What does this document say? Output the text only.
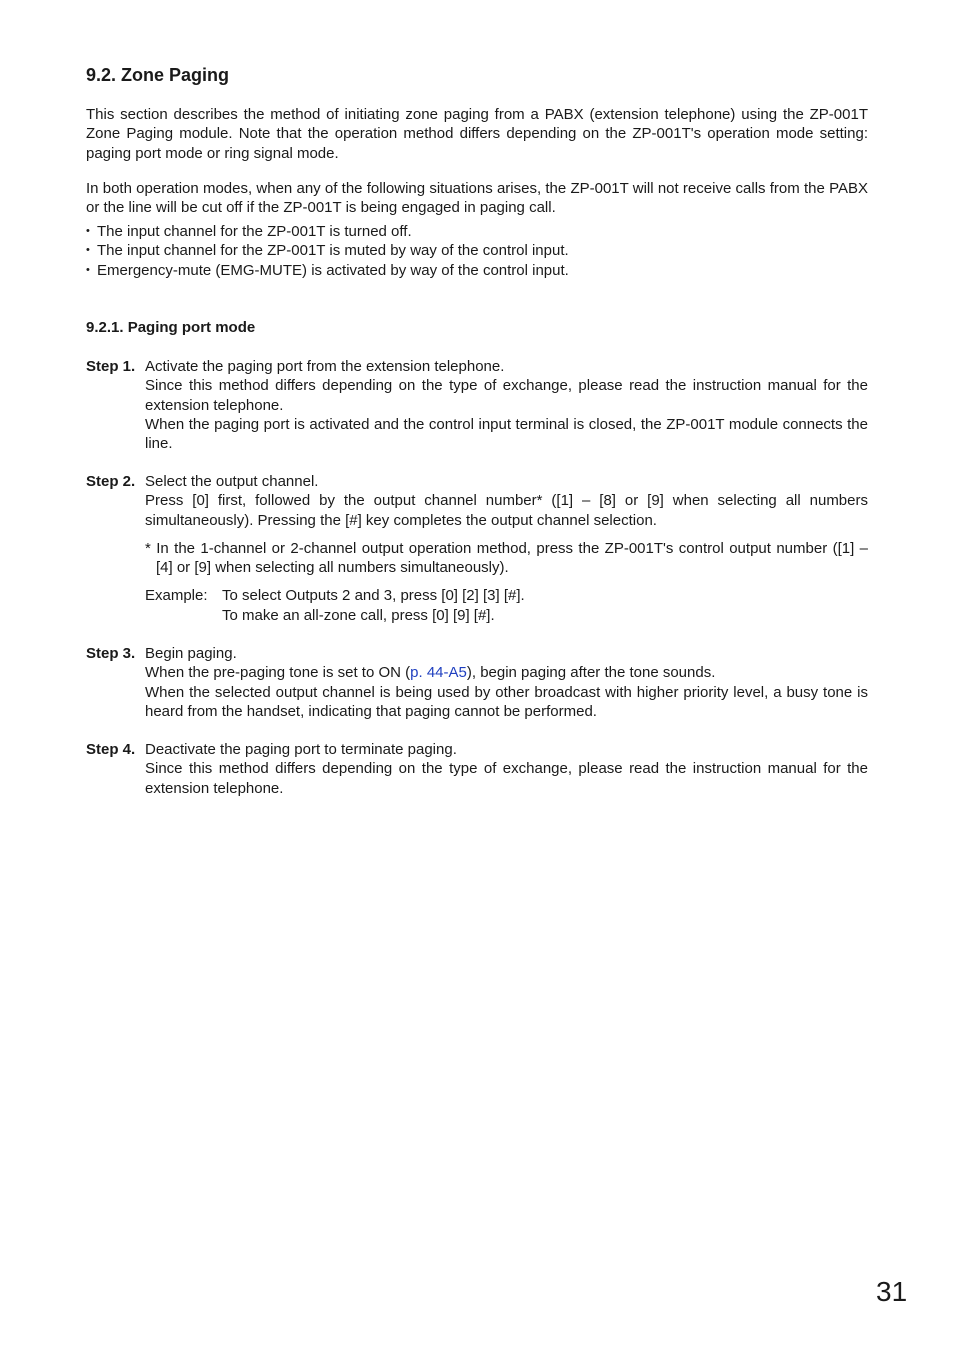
9.2. Zone Paging

This section describes the method of initiating zone paging from a PABX (extension telephone) using the ZP-001T Zone Paging module. Note that the operation method differs depending on the ZP-001T's operation mode setting: paging port mode or ring signal mode.

In both operation modes, when any of the following situations arises, the ZP-001T will not receive calls from the PABX or the line will be cut off if the ZP-001T is being engaged in paging call.

• The input channel for the ZP-001T is turned off.
• The input channel for the ZP-001T is muted by way of the control input.
• Emergency-mute (EMG-MUTE) is activated by way of the control input.
9.2.1. Paging port mode
Step 1. Activate the paging port from the extension telephone.

Since this method differs depending on the type of exchange, please read the instruction manual for the extension telephone.

When the paging port is activated and the control input terminal is closed, the ZP-001T module connects the line.

Step 2. Select the output channel.

Press [0] first, followed by the output channel number* ([1] – [8] or [9] when selecting all numbers simultaneously). Pressing the [#] key completes the output channel selection.

* In the 1-channel or 2-channel output operation method, press the ZP-001T's control output number ([1] – [4] or [9] when selecting all numbers simultaneously).
Example: To select Outputs 2 and 3, press [0] [2] [3] [#].
To make an all-zone call, press [0] [9] [#].
Step 3. Begin paging.

When the pre-paging tone is set to ON (p. 44-A5), begin paging after the tone sounds.

When the selected output channel is being used by other broadcast with higher priority level, a busy tone is heard from the handset, indicating that paging cannot be performed.

Step 4. Deactivate the paging port to terminate paging.

Since this method differs depending on the type of exchange, please read the instruction manual for the extension telephone.

31
